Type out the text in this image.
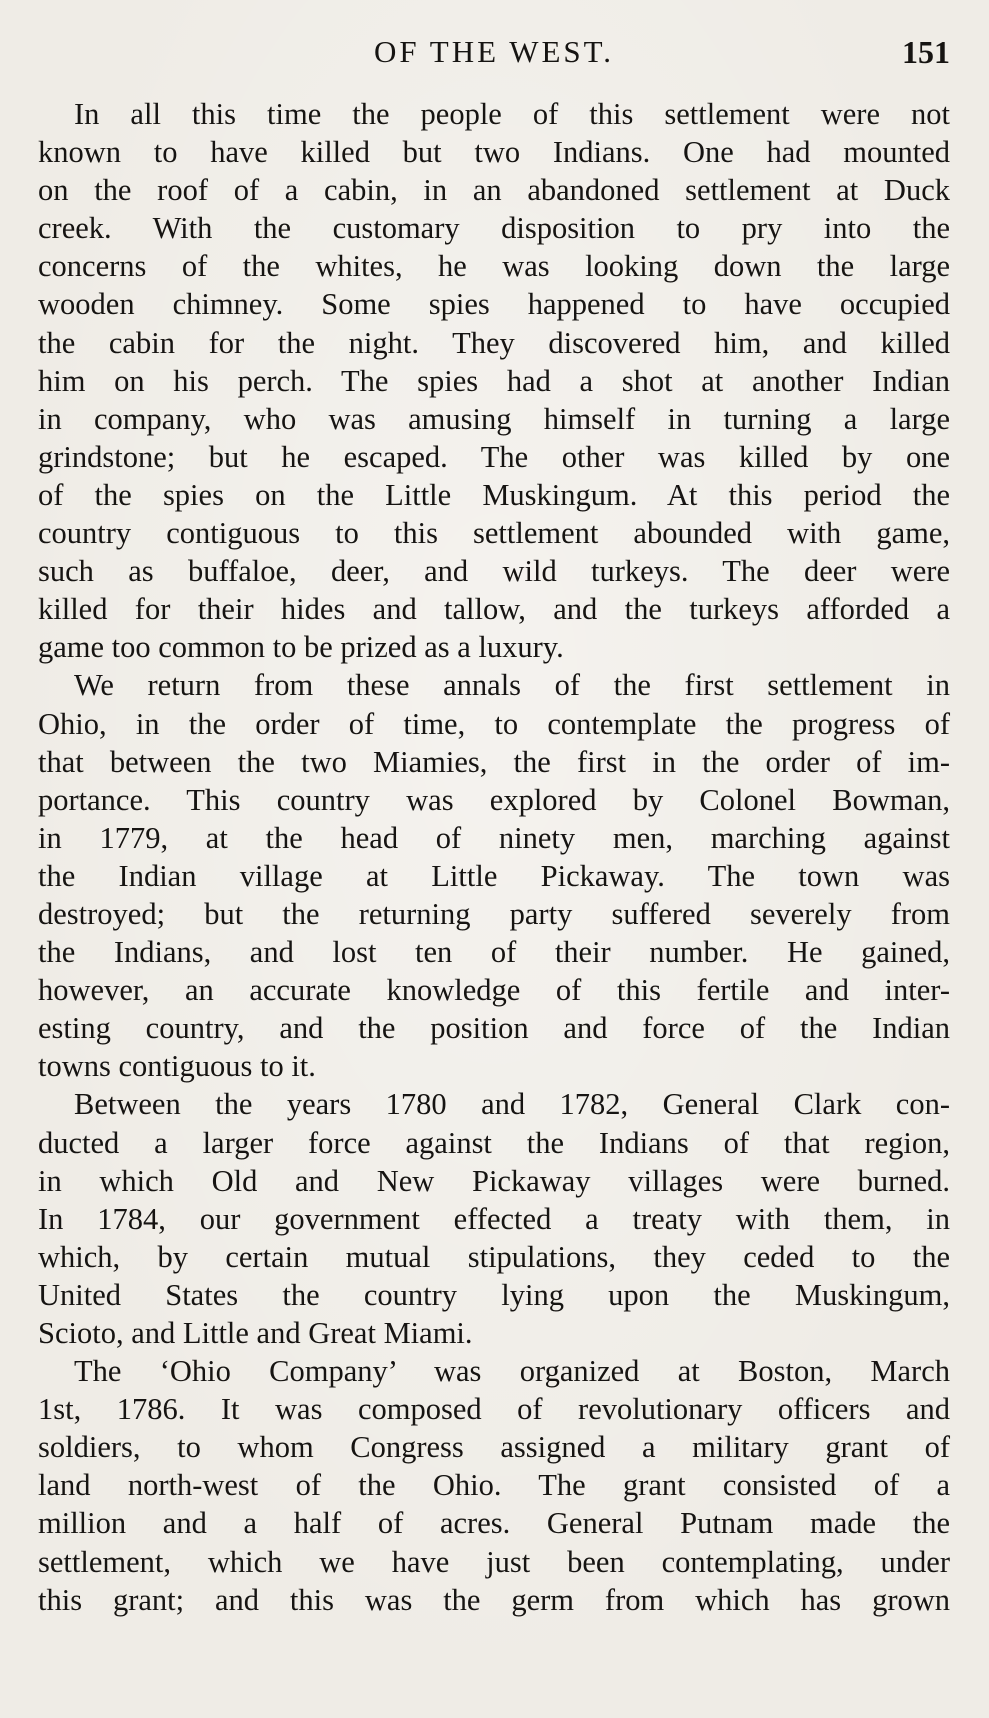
OF THE WEST.	151
In all this time the people of this settlement were not
known to have killed but two Indians. One had mounted
on the roof of a cabin, in an abandoned settlement at Duck
creek. With the customary disposition to pry into the
concerns of the whites, he was looking down the large
wooden chimney. Some spies happened to have occupied
the cabin for the night. They discovered him, and killed
him on his perch. The spies had a shot at another Indian
in company, who was amusing himself in turning a large
grindstone; but he escaped. The other was killed by one
of the spies on the Little Muskingum. At this period the
country contiguous to this settlement abounded with game,
such as buffaloe, deer, and wild turkeys. The deer were
killed for their hides and tallow, and the turkeys afforded a
game too common to be prized as a luxury.
We return from these annals of the first settlement in
Ohio, in the order of time, to contemplate the progress of
that between the two Miamies, the first in the order of im-
portance. This country was explored by Colonel Bowman,
in 1779, at the head of ninety men, marching against
the Indian village at Little Pickaway. The town was
destroyed; but the returning party suffered severely from
the Indians, and lost ten of their number. He gained,
however, an accurate knowledge of this fertile and inter-
esting country, and the position and force of the Indian
towns contiguous to it.
Between the years 1780 and 1782, General Clark con-
ducted a larger force against the Indians of that region,
in which Old and New Pickaway villages were burned.
In 1784, our government effected a treaty with them, in
which, by certain mutual stipulations, they ceded to the
United States the country lying upon the Muskingum,
Scioto, and Little and Great Miami.
The ‘Ohio Company’ was organized at Boston, March
1st, 1786. It was composed of revolutionary officers and
soldiers, to whom Congress assigned a military grant of
land north-west of the Ohio. The grant consisted of a
million and a half of acres. General Putnam made the
settlement, which we have just been contemplating, under
this grant; and this was the germ from which has grown
